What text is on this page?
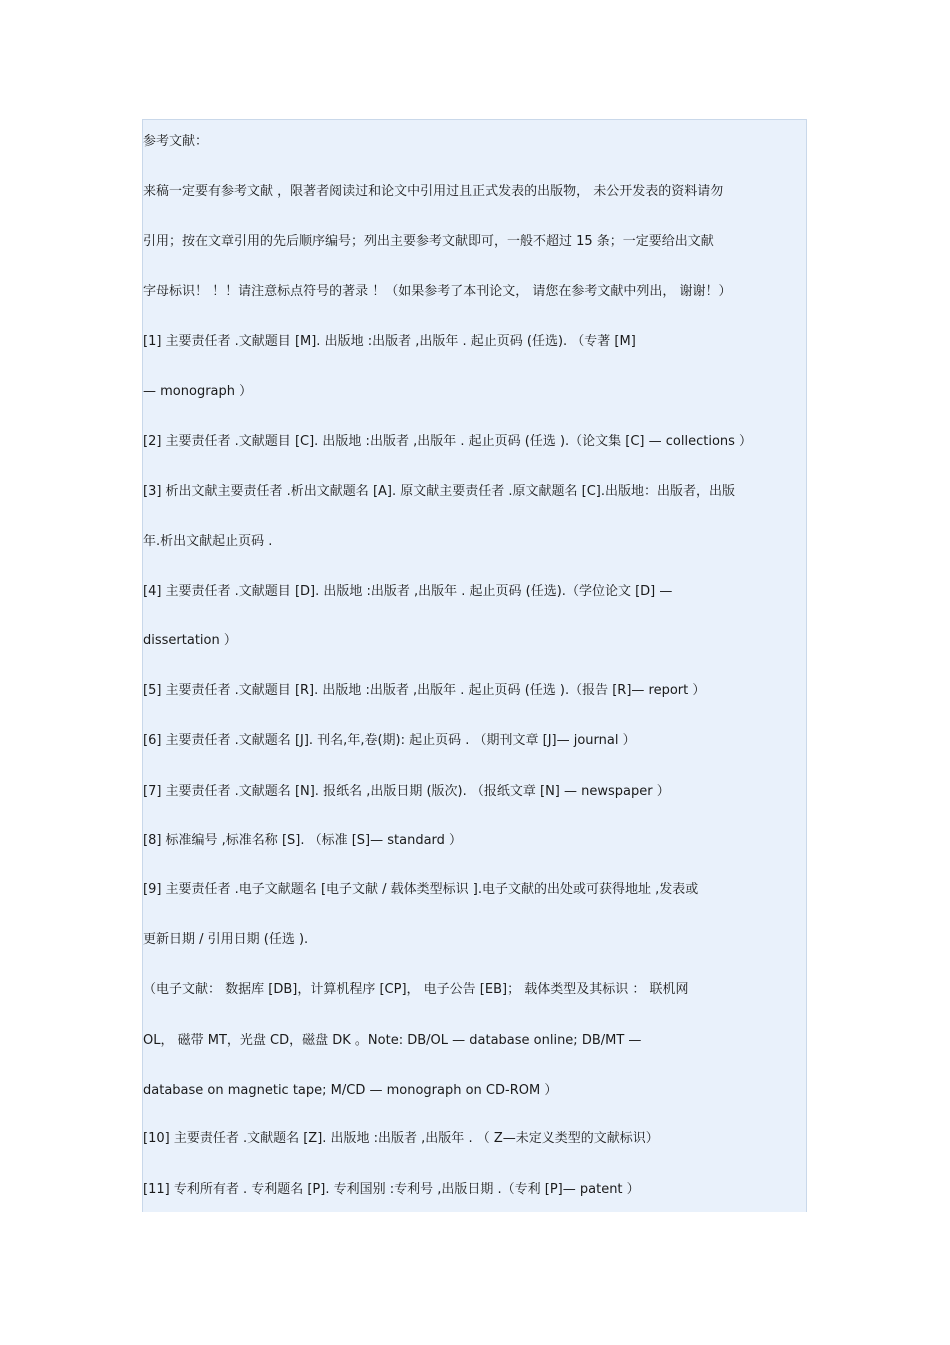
参考文献：
来稿一定要有参考文献 ，限著者阅读过和论文中引用过且正式发表的出版物， 未公开发表的资料请勿
引用；按在文章引用的先后顺序编号；列出主要参考文献即可，一般不超过 15 条；一定要给出文献
字母标识！ ！！请注意标点符号的著录 ！（如果参考了本刊论文， 请您在参考文献中列出， 谢谢！）
[1] 主要责任者 .文献题目 [M]. 出版地 :出版者 ,出版年 . 起止页码 (任选). （专著 [M]
— monograph ）
[2] 主要责任者 .文献题目 [C]. 出版地 :出版者 ,出版年 . 起止页码 (任选 ).（论文集 [C] — collections ）
[3] 析出文献主要责任者 .析出文献题名 [A]. 原文献主要责任者 .原文献题名 [C].出版地：出版者，出版
年.析出文献起止页码 .
[4] 主要责任者 .文献题目 [D]. 出版地 :出版者 ,出版年 . 起止页码 (任选).（学位论文 [D] —
dissertation ）
[5] 主要责任者 .文献题目 [R]. 出版地 :出版者 ,出版年 . 起止页码 (任选 ).（报告 [R]— report ）
[6] 主要责任者 .文献题名 [J]. 刊名,年,卷(期): 起止页码 . （期刊文章 [J]— journal ）
[7] 主要责任者 .文献题名 [N]. 报纸名 ,出版日期 (版次). （报纸文章 [N] — newspaper ）
[8] 标准编号 ,标准名称 [S]. （标准 [S]— standard ）
[9] 主要责任者 .电子文献题名 [电子文献 / 载体类型标识 ].电子文献的出处或可获得地址 ,发表或
更新日期 / 引用日期 (任选 ).
（电子文献： 数据库 [DB]，计算机程序 [CP]， 电子公告 [EB]； 载体类型及其标识 ： 联机网
OL， 磁带 MT，光盘 CD，磁盘 DK 。Note: DB/OL — database online; DB/MT —
database on magnetic tape; M/CD — monograph on CD-ROM ）
[10] 主要责任者 .文献题名 [Z]. 出版地 :出版者 ,出版年 . （ Z—未定义类型的文献标识）
[11] 专利所有者 . 专利题名 [P]. 专利国别 :专利号 ,出版日期 .（专利 [P]— patent ）
